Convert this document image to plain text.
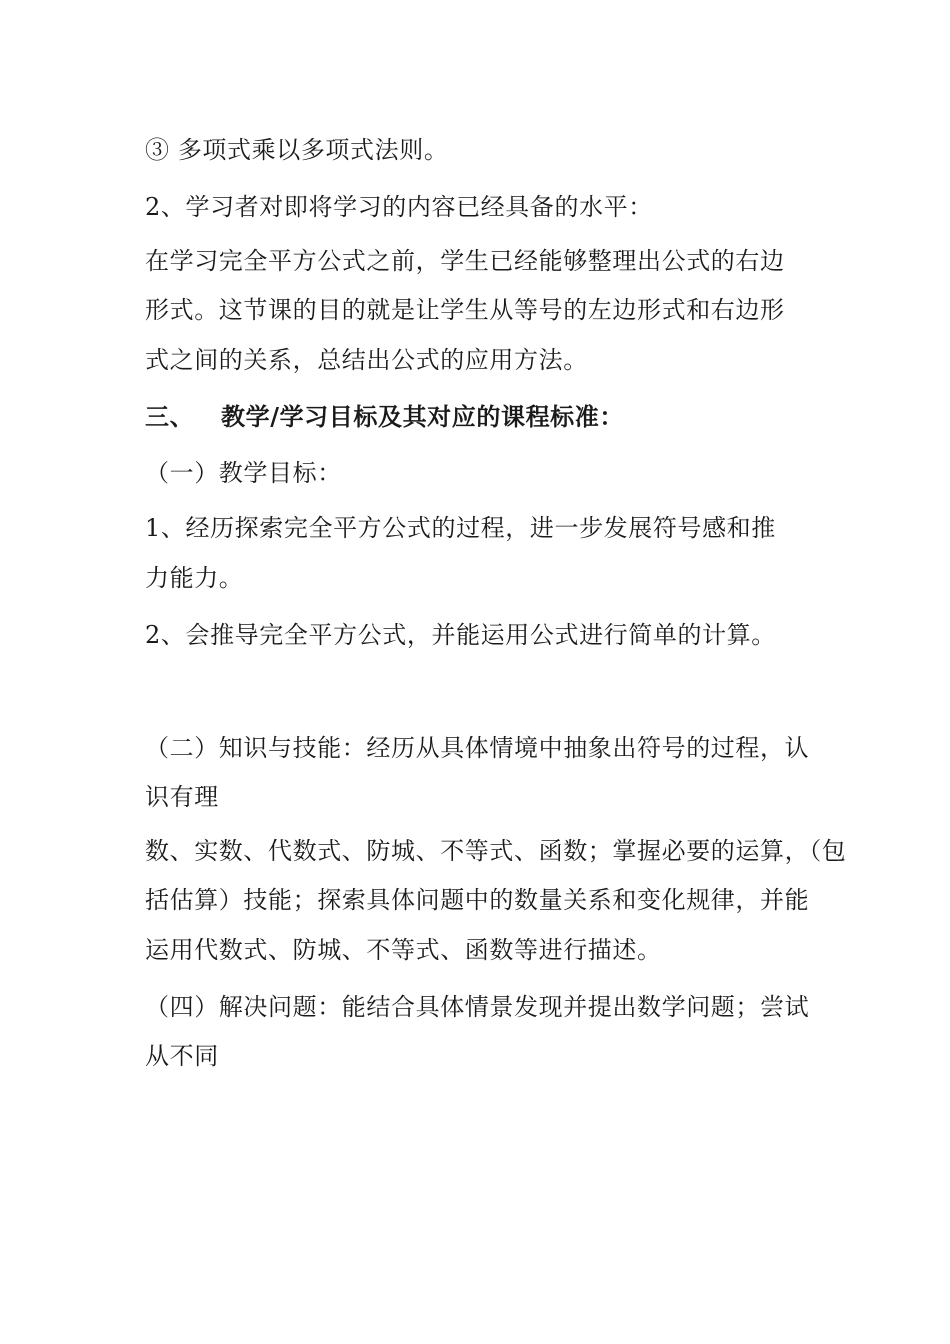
③ 多项式乘以多项式法则。
2、学习者对即将学习的内容已经具备的水平：
在学习完全平方公式之前，学生已经能够整理出公式的右边
形式。这节课的目的就是让学生从等号的左边形式和右边形
式之间的关系，总结出公式的应用方法。
三、 教学/学习目标及其对应的课程标准：
（一）教学目标：
1、经历探索完全平方公式的过程，进一步发展符号感和推
力能力。
2、会推导完全平方公式，并能运用公式进行简单的计算。
（二）知识与技能：经历从具体情境中抽象出符号的过程，认
识有理
数、实数、代数式、防城、不等式、函数；掌握必要的运算，（包
括估算）技能；探索具体问题中的数量关系和变化规律，并能
运用代数式、防城、不等式、函数等进行描述。
（四）解决问题：能结合具体情景发现并提出数学问题；尝试
从不同
